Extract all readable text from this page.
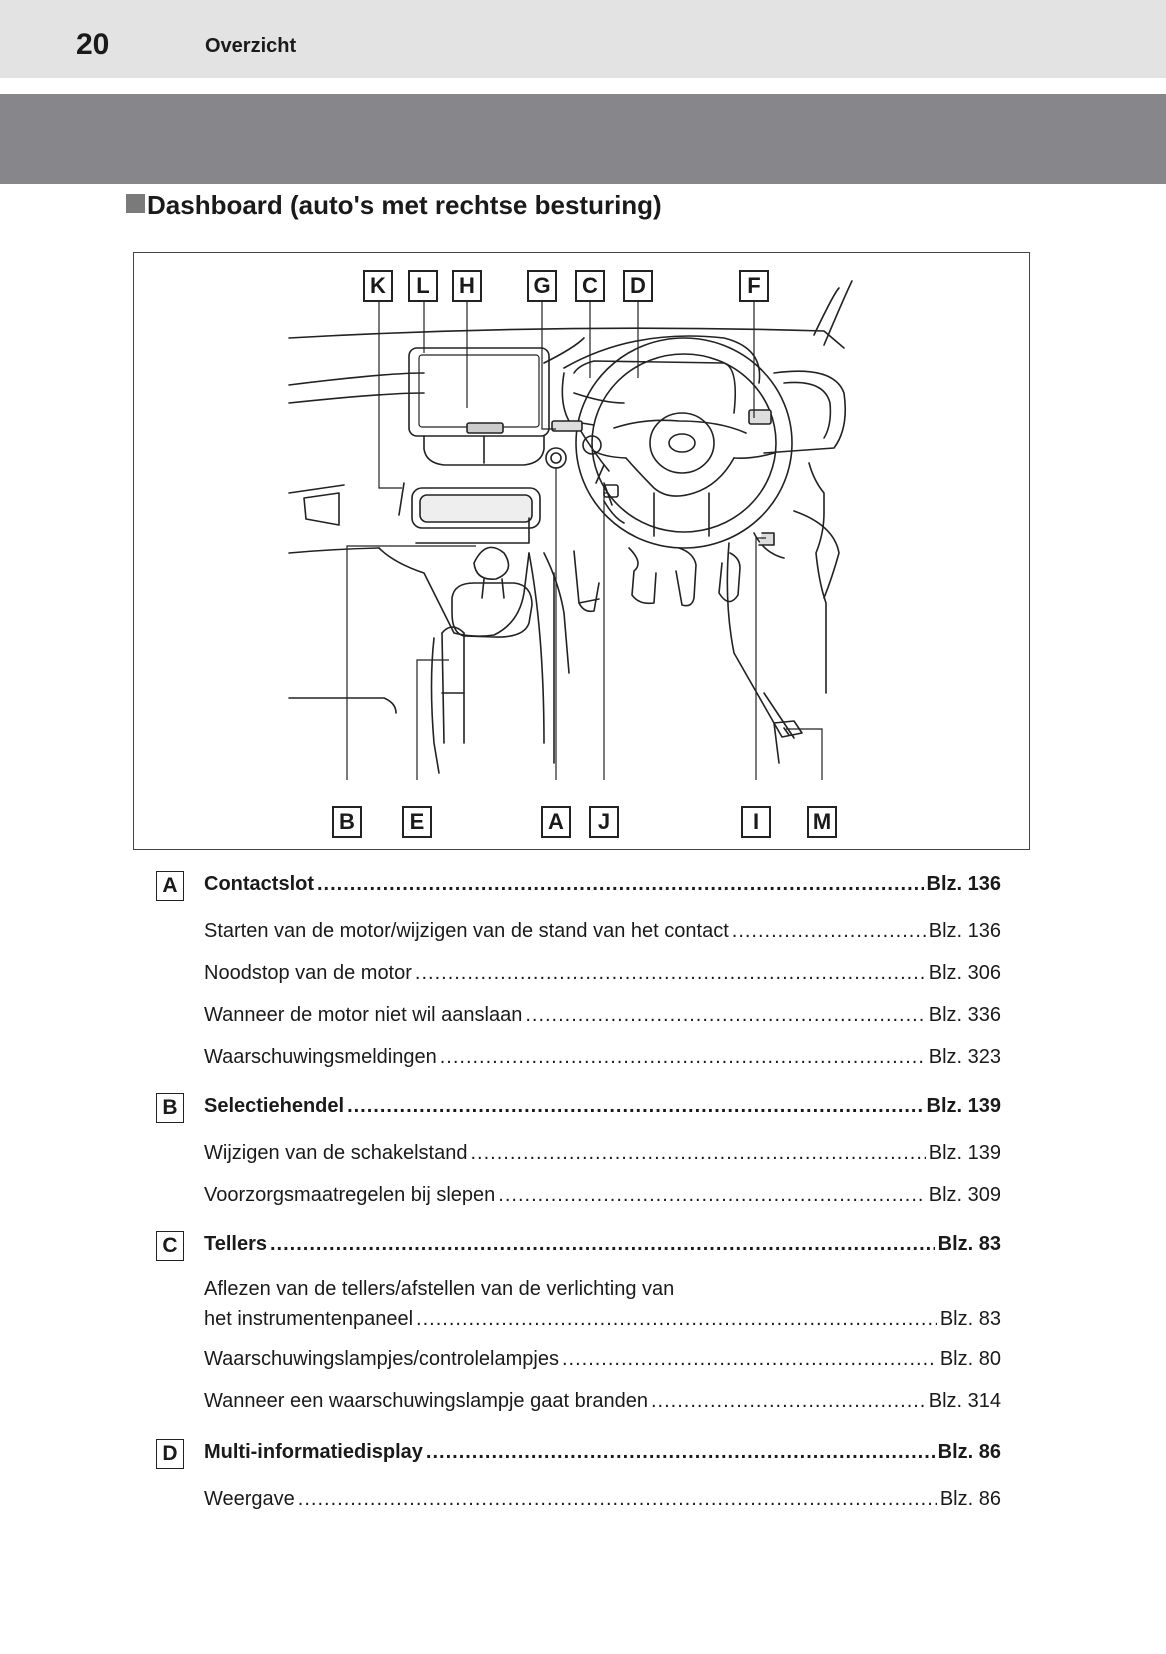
20	Overzicht
Dashboard (auto's met rechtse besturing)
K	L	H	G	C	D	F
B	E	A	J	I	M
A	Contactslot .....	Blz. 136
Starten van de motor/wijzigen van de stand van het contact .....	Blz. 136
Noodstop van de motor .....	Blz. 306
Wanneer de motor niet wil aanslaan .....	Blz. 336
Waarschuwingsmeldingen .....	Blz. 323
B	Selectiehendel .....	Blz. 139
Wijzigen van de schakelstand .....	Blz. 139
Voorzorgsmaatregelen bij slepen .....	Blz. 309
C	Tellers .....	Blz. 83
Aflezen van de tellers/afstellen van de verlichting van
het instrumentenpaneel .....	Blz. 83
Waarschuwingslampjes/controlelampjes .....	Blz. 80
Wanneer een waarschuwingslampje gaat branden .....	Blz. 314
D	Multi-informatiedisplay .....	Blz. 86
Weergave .....	Blz. 86
